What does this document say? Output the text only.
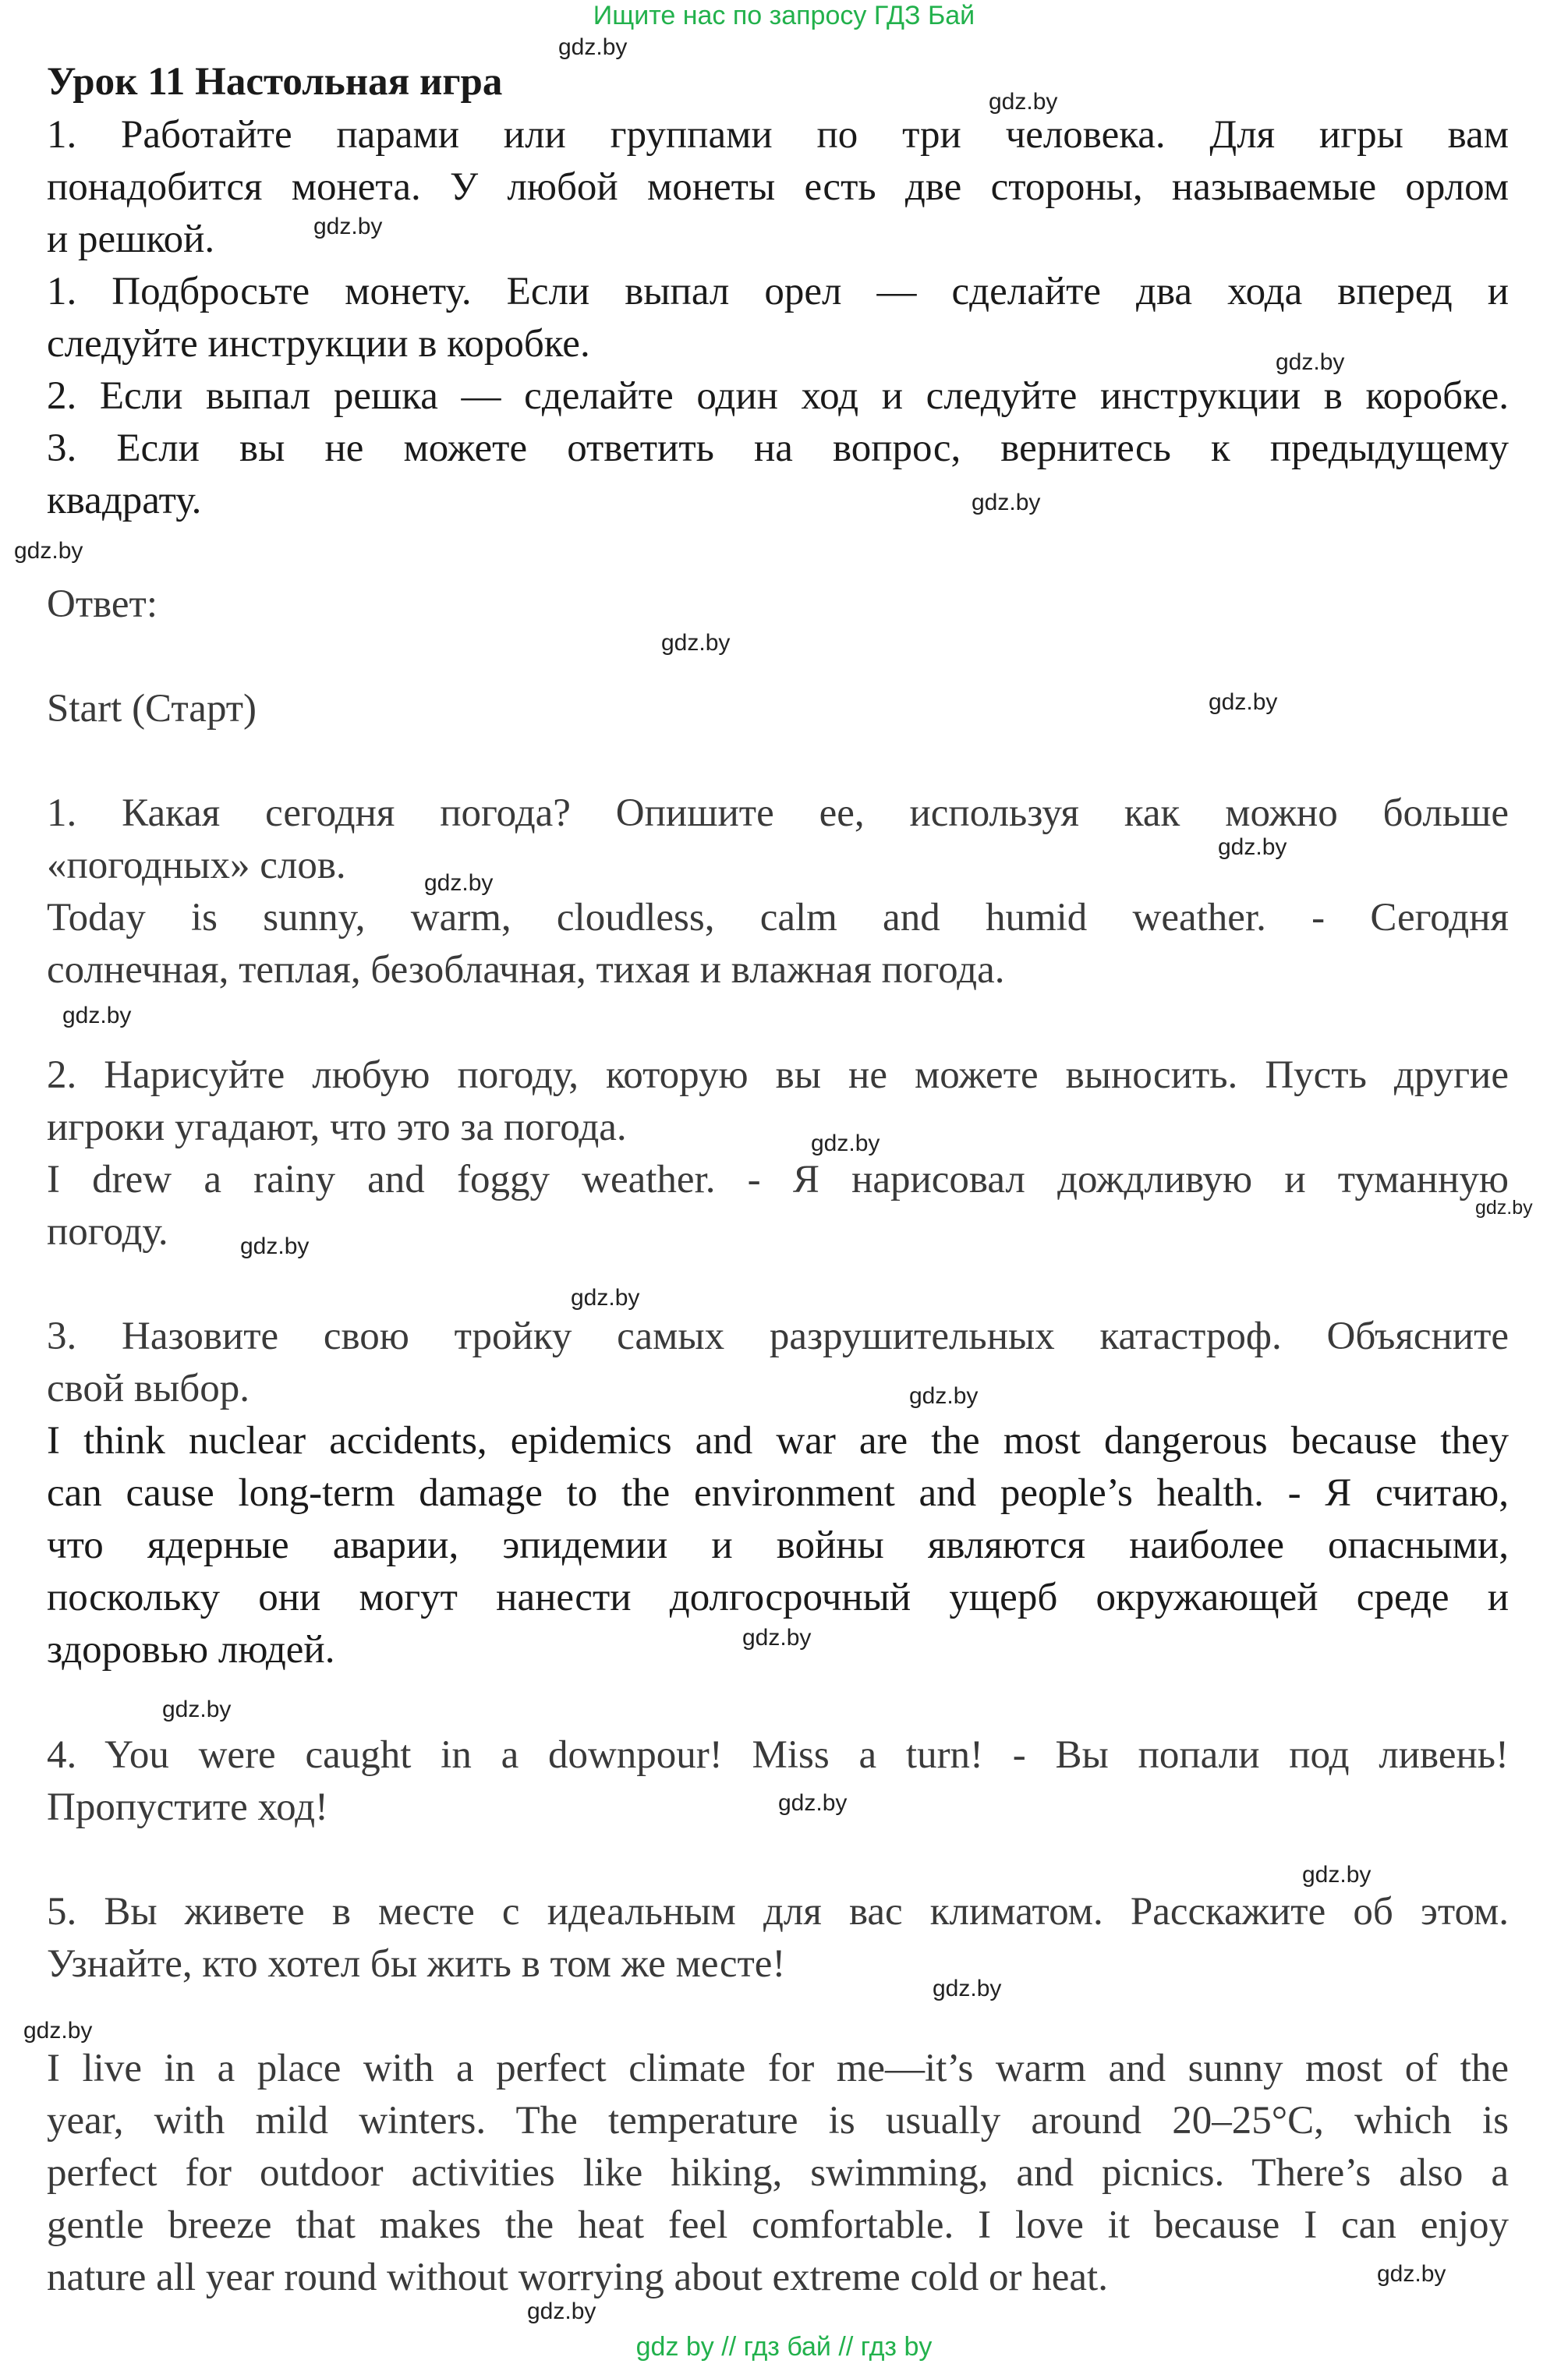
Ищите нас по запросу ГДЗ Бай
Урок 11 Настольная игра
1. Работайте парами или группами по три человека. Для игры вам
понадобится монета. У любой монеты есть две стороны, называемые орлом
и решкой.
1. Подбросьте монету. Если выпал орел — сделайте два хода вперед и
следуйте инструкции в коробке.
2. Если выпал решка — сделайте один ход и следуйте инструкции в коробке.
3. Если вы не можете ответить на вопрос, вернитесь к предыдущему
квадрату.
Ответ:
Start (Старт)
1. Какая сегодня погода? Опишите ее, используя как можно больше
«погодных» слов.
Today is sunny, warm, cloudless, calm and humid weather. - Сегодня
солнечная, теплая, безоблачная, тихая и влажная погода.
2. Нарисуйте любую погоду, которую вы не можете выносить. Пусть другие
игроки угадают, что это за погода.
I drew a rainy and foggy weather. - Я нарисовал дождливую и туманную
погоду.
3. Назовите свою тройку самых разрушительных катастроф. Объясните
свой выбор.
I think nuclear accidents, epidemics and war are the most dangerous because they
can cause long-term damage to the environment and people’s health. - Я считаю,
что ядерные аварии, эпидемии и войны являются наиболее опасными,
поскольку они могут нанести долгосрочный ущерб окружающей среде и
здоровью людей.
4. You were caught in a downpour! Miss a turn! - Вы попали под ливень!
Пропустите ход!
5. Вы живете в месте с идеальным для вас климатом. Расскажите об этом.
Узнайте, кто хотел бы жить в том же месте!
I live in a place with a perfect climate for me—it’s warm and sunny most of the
year, with mild winters. The temperature is usually around 20–25°C, which is
perfect for outdoor activities like hiking, swimming, and picnics. There’s also a
gentle breeze that makes the heat feel comfortable. I love it because I can enjoy
nature all year round without worrying about extreme cold or heat.
gdz.by
gdz.by
gdz.by
gdz.by
gdz.by
gdz.by
gdz.by
gdz.by
gdz.by
gdz.by
gdz.by
gdz.by
gdz.by
gdz.by
gdz.by
gdz.by
gdz.by
gdz.by
gdz.by
gdz.by
gdz.by
gdz.by
gdz.by
gdz.by
gdz by // гдз бай // гдз by
